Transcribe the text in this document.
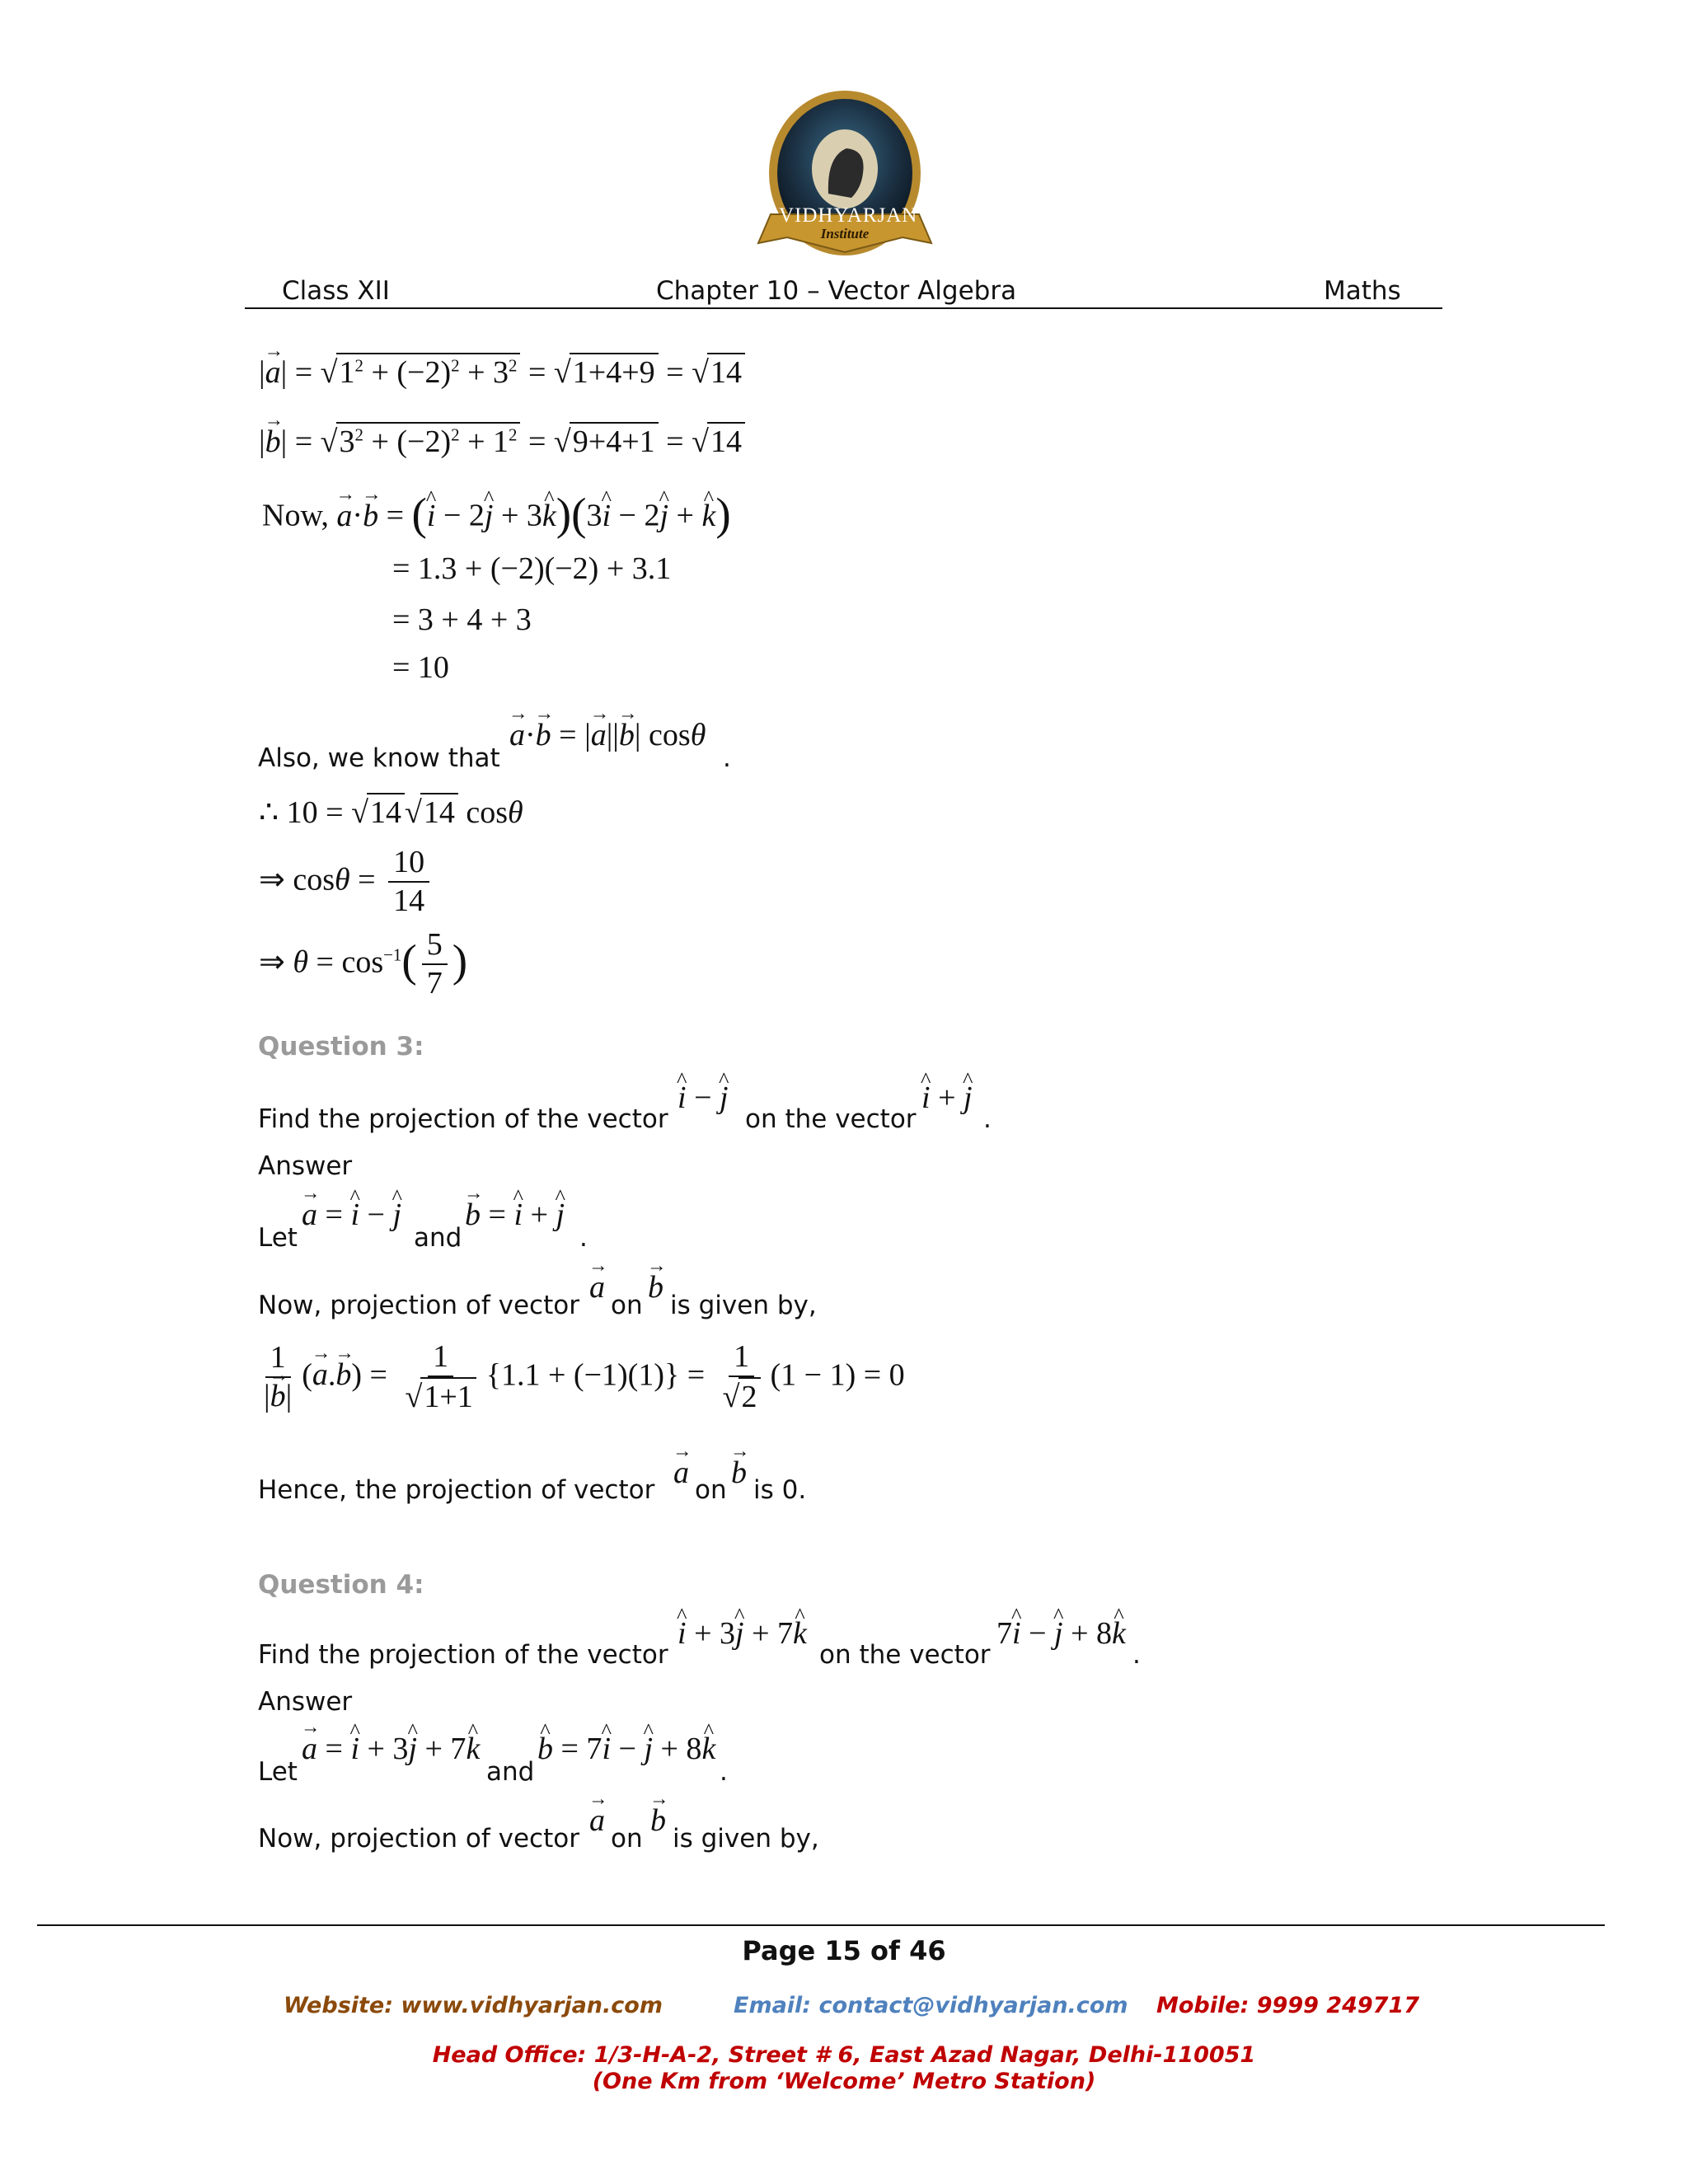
VIDHYARJAN
Institute
Class XII	Chapter 10 – Vector Algebra	Maths
|a →| = $√1^2 + (-2)^2 + 3^2 = √1+4+9 = √14$
|b →| = $√3^2 + (-2)^2 + 1^2 = √9+4+1 = √14$
Now, a →·b → = (i ^ − 2j ^ + 3k ^)(3i ^ − 2j ^ + k ^)
= 1.3 + (−2)(−2) + 3.1
= 3 + 4 + 3
= 10
Also, we know that
a →·b → = |a →||b →| cosθ
.
∴ 10 = √14 √14 cosθ
⇒ $\cos\theta = \frac{10}{14}$
⇒ $\theta = \cos^{-1}( \frac{5}{7}$ )
Question 3:
Find the projection of the vector
i ^ − j ^
on the vector
i ^ + j ^
.
Answer
Let
a → = i ^ − j ^
and
b → = i ^ + j ^
.
Now, projection of vector
a →
on
b →
is given by,
$\frac{1}{|b \to|} (a \to.b$ →) = $\frac{1}{√1+1} \{1.1 + (-1)(1)\} = \frac{1}{√2} (1 - 1) = 0$
Hence, the projection of vector a → on b → is 0.
Question 4:
Find the projection of the vector
i ^ + 3j ^ + 7k ^
on the vector
7i ^ − j ^ + 8k ^
.
Answer
Let
a → = i ^ + 3j ^ + 7k ^
and
b ^ = 7i ^ − j ^ + 8k ^
.
Now, projection of vector
a →
on
b →
is given by,
Page 15 of 46
Website: www.vidhyarjan.com	Email: contact@vidhyarjan.com Mobile: 9999 249717
Head Office: 1/3-H-A-2, Street # 6, East Azad Nagar, Delhi-110051
(One Km from ‘Welcome’ Metro Station)
